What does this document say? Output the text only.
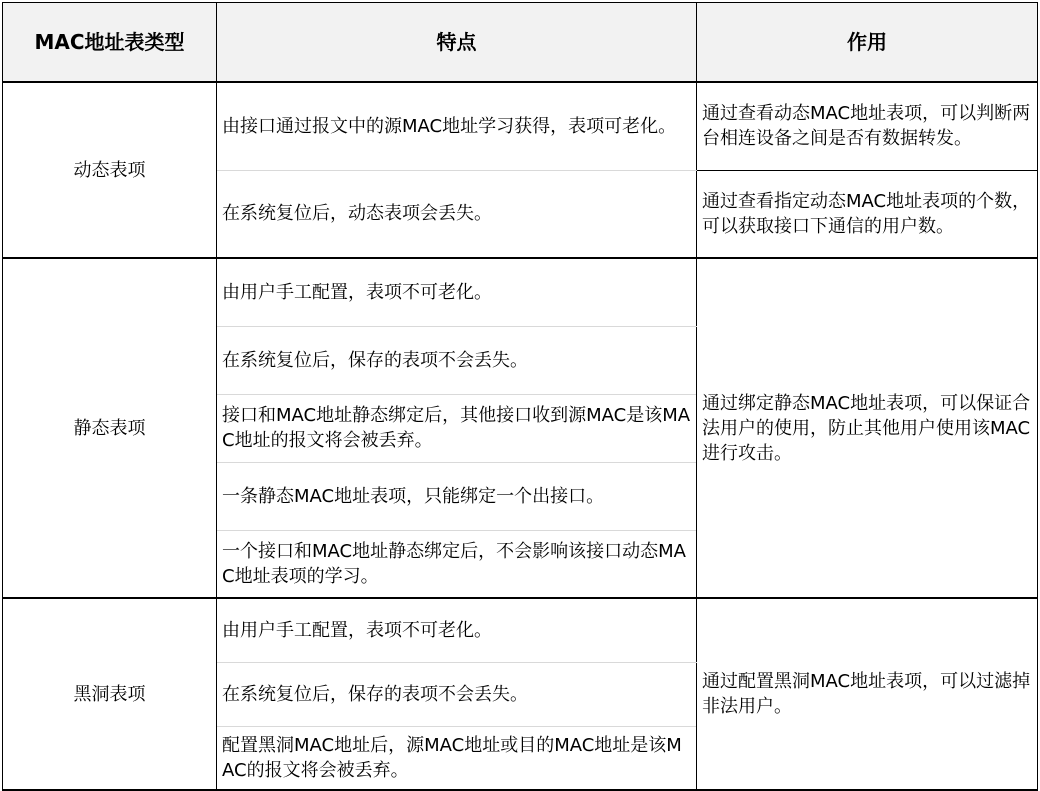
MAC地址表类型	特点	作用
动态表项	由接口通过报文中的源MAC地址学习获得，表项可老化。	通过查看动态MAC地址表项，可以判断两台相连设备之间是否有数据转发。
	在系统复位后，动态表项会丢失。	通过查看指定动态MAC地址表项的个数，可以获取接口下通信的用户数。
静态表项	由用户手工配置，表项不可老化。	通过绑定静态MAC地址表项，可以保证合法用户的使用，防止其他用户使用该MAC进行攻击。
	在系统复位后，保存的表项不会丢失。	
	接口和MAC地址静态绑定后，其他接口收到源MAC是该MAC地址的报文将会被丢弃。	
	一条静态MAC地址表项，只能绑定一个出接口。	
	一个接口和MAC地址静态绑定后，不会影响该接口动态MAC地址表项的学习。	
黑洞表项	由用户手工配置，表项不可老化。	通过配置黑洞MAC地址表项，可以过滤掉非法用户。
	在系统复位后，保存的表项不会丢失。	
	配置黑洞MAC地址后，源MAC地址或目的MAC地址是该MAC的报文将会被丢弃。	
